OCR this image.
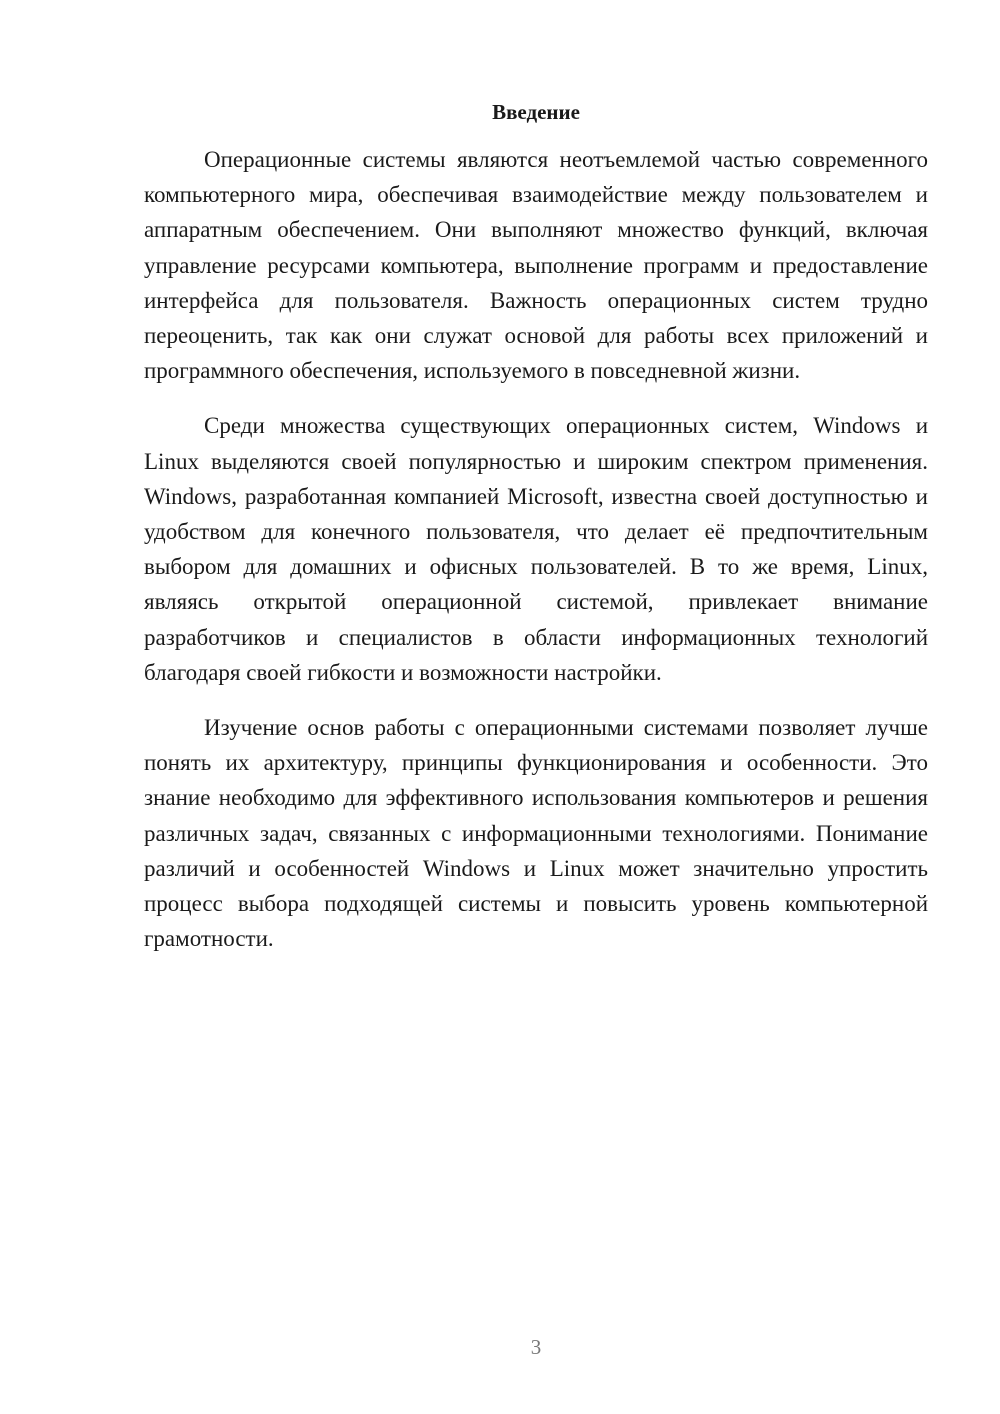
Введение

Операционные системы являются неотъемлемой частью современного компьютерного мира, обеспечивая взаимодействие между пользователем и аппаратным обеспечением. Они выполняют множество функций, включая управление ресурсами компьютера, выполнение программ и предоставление интерфейса для пользователя. Важность операционных систем трудно переоценить, так как они служат основой для работы всех приложений и программного обеспечения, используемого в повседневной жизни.

Среди множества существующих операционных систем, Windows и Linux выделяются своей популярностью и широким спектром применения. Windows, разработанная компанией Microsoft, известна своей доступностью и удобством для конечного пользователя, что делает её предпочтительным выбором для домашних и офисных пользователей. В то же время, Linux, являясь открытой операционной системой, привлекает внимание разработчиков и специалистов в области информационных технологий благодаря своей гибкости и возможности настройки.

Изучение основ работы с операционными системами позволяет лучше понять их архитектуру, принципы функционирования и особенности. Это знание необходимо для эффективного использования компьютеров и решения различных задач, связанных с информационными технологиями. Понимание различий и особенностей Windows и Linux может значительно упростить процесс выбора подходящей системы и повысить уровень компьютерной грамотности.

3
